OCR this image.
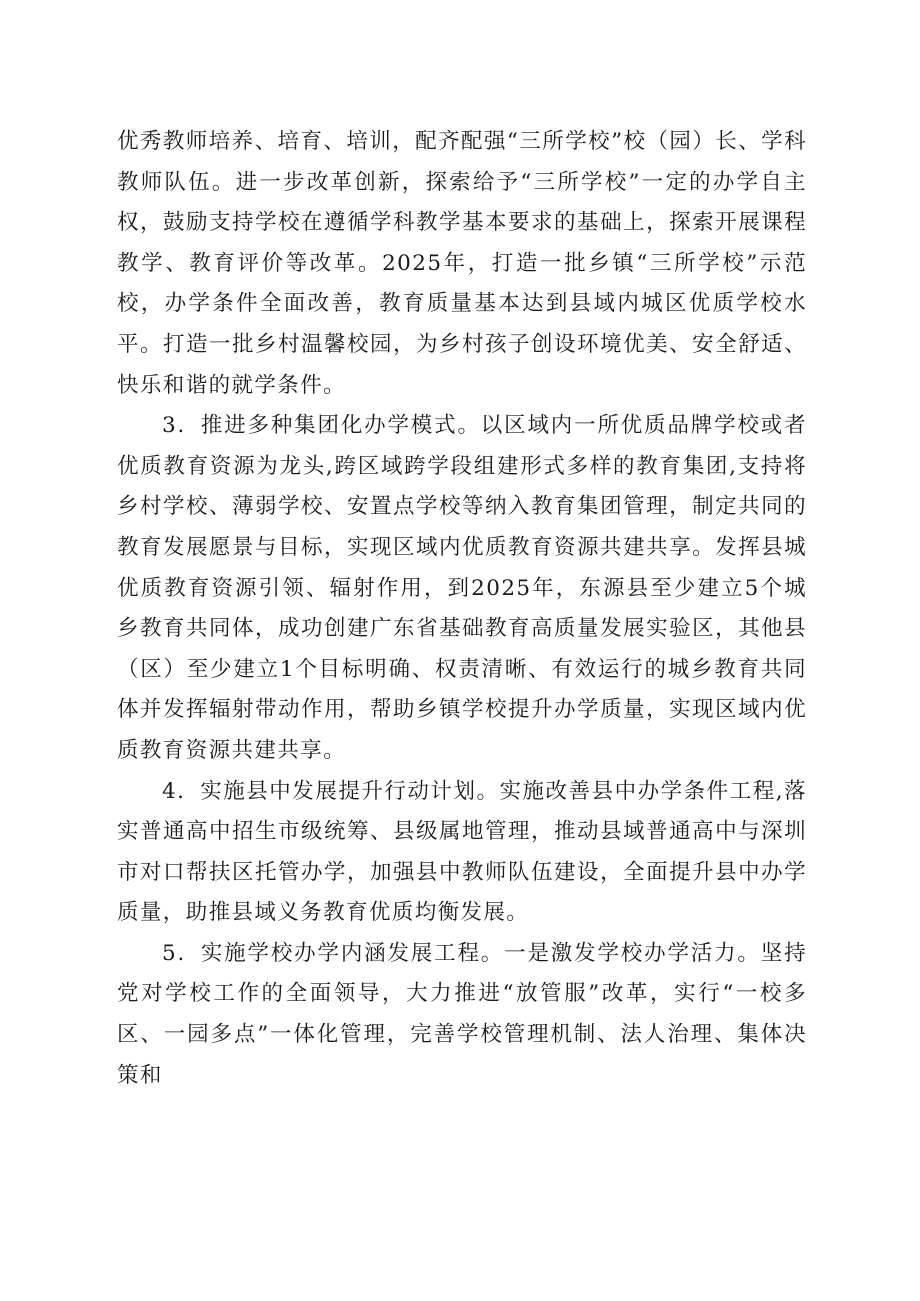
优秀教师培养、培育、培训，配齐配强“三所学校”校（园）长、学科教师队伍。进一步改革创新，探索给予“三所学校”一定的办学自主权，鼓励支持学校在遵循学科教学基本要求的基础上，探索开展课程教学、教育评价等改革。2025年，打造一批乡镇“三所学校”示范校，办学条件全面改善，教育质量基本达到县域内城区优质学校水平。打造一批乡村温馨校园，为乡村孩子创设环境优美、安全舒适、快乐和谐的就学条件。

3．推进多种集团化办学模式。以区域内一所优质品牌学校或者优质教育资源为龙头,跨区域跨学段组建形式多样的教育集团,支持将乡村学校、薄弱学校、安置点学校等纳入教育集团管理，制定共同的教育发展愿景与目标，实现区域内优质教育资源共建共享。发挥县城优质教育资源引领、辐射作用，到2025年，东源县至少建立5个城乡教育共同体，成功创建广东省基础教育高质量发展实验区，其他县（区）至少建立1个目标明确、权责清晰、有效运行的城乡教育共同体并发挥辐射带动作用，帮助乡镇学校提升办学质量，实现区域内优质教育资源共建共享。

4．实施县中发展提升行动计划。实施改善县中办学条件工程,落实普通高中招生市级统筹、县级属地管理，推动县域普通高中与深圳市对口帮扶区托管办学，加强县中教师队伍建设，全面提升县中办学质量，助推县域义务教育优质均衡发展。

5．实施学校办学内涵发展工程。一是激发学校办学活力。坚持党对学校工作的全面领导，大力推进“放管服”改革，实行“一校多区、一园多点”一体化管理，完善学校管理机制、法人治理、集体决策和
